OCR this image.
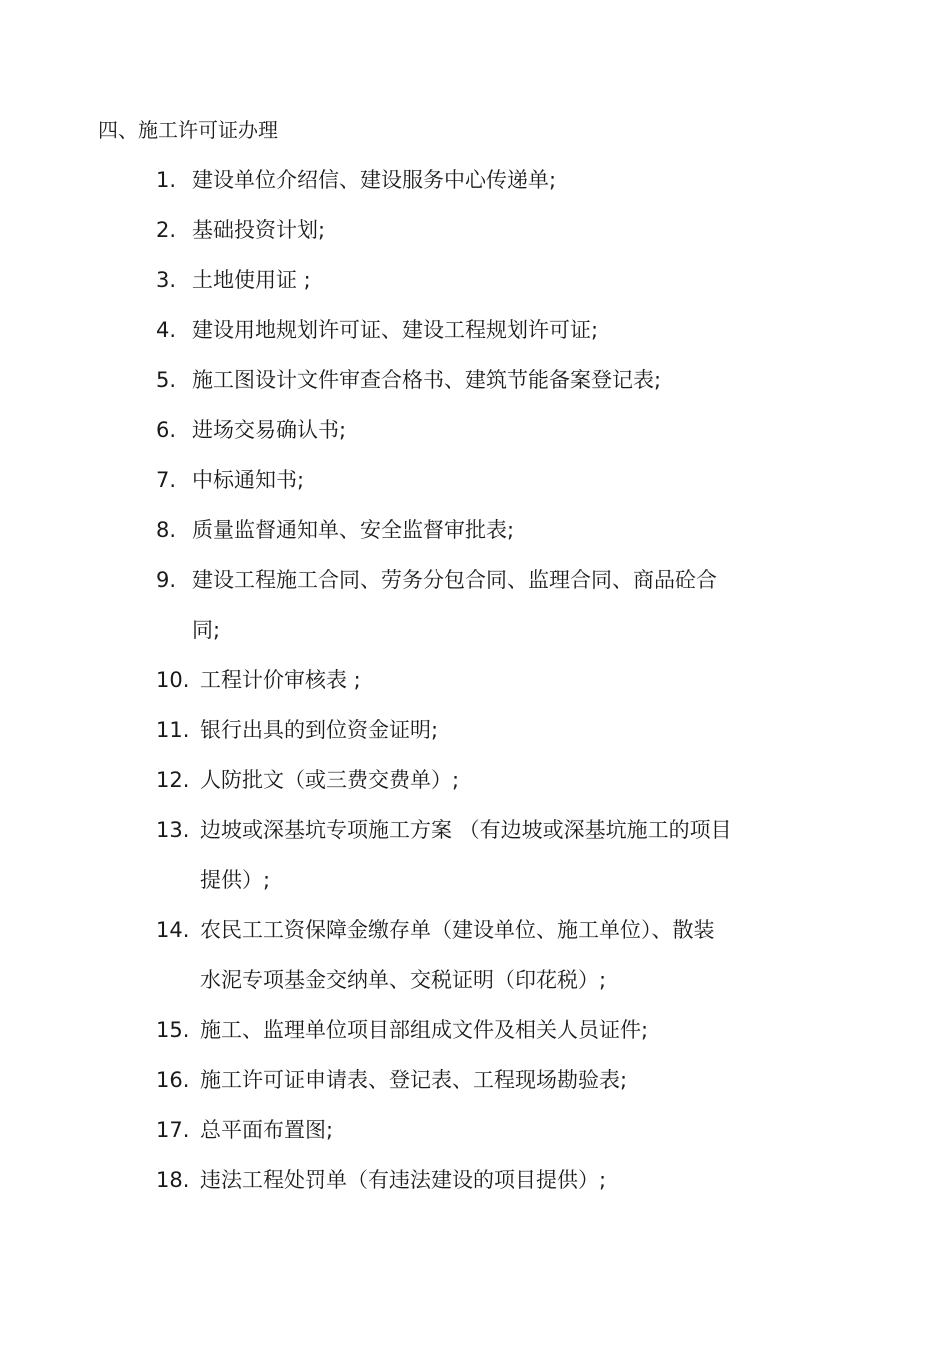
四、施工许可证办理
1. 建设单位介绍信、建设服务中心传递单;
2. 基础投资计划;
3. 土地使用证 ;
4. 建设用地规划许可证、建设工程规划许可证;
5. 施工图设计文件审查合格书、建筑节能备案登记表;
6. 进场交易确认书;
7. 中标通知书;
8. 质量监督通知单、安全监督审批表;
9. 建设工程施工合同、劳务分包合同、监理合同、商品砼合
同;
10. 工程计价审核表 ;
11. 银行出具的到位资金证明;
12. 人防批文（或三费交费单）;
13. 边坡或深基坑专项施工方案 （有边坡或深基坑施工的项目
提供）;
14. 农民工工资保障金缴存单（建设单位、施工单位）、散装
水泥专项基金交纳单、交税证明（印花税）;
15. 施工、监理单位项目部组成文件及相关人员证件;
16. 施工许可证申请表、登记表、工程现场勘验表;
17. 总平面布置图;
18. 违法工程处罚单（有违法建设的项目提供）;
